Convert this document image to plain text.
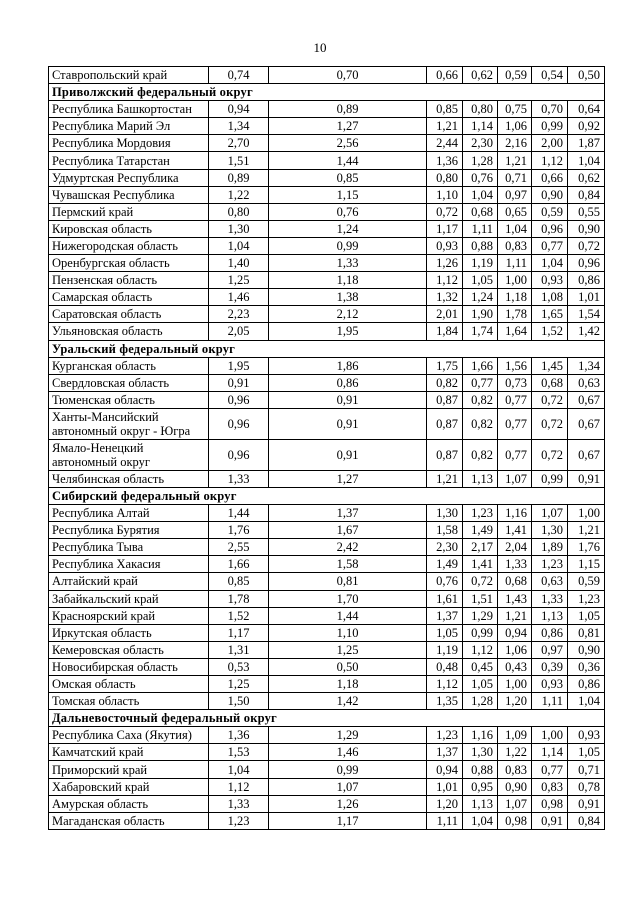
10
Ставропольский край	0,74	0,70	0,66	0,62	0,59	0,54	0,50
Приволжский федеральный округ							
Республика Башкортостан	0,94	0,89	0,85	0,80	0,75	0,70	0,64
Республика Марий Эл	1,34	1,27	1,21	1,14	1,06	0,99	0,92
Республика Мордовия	2,70	2,56	2,44	2,30	2,16	2,00	1,87
Республика Татарстан	1,51	1,44	1,36	1,28	1,21	1,12	1,04
Удмуртская Республика	0,89	0,85	0,80	0,76	0,71	0,66	0,62
Чувашская Республика	1,22	1,15	1,10	1,04	0,97	0,90	0,84
Пермский край	0,80	0,76	0,72	0,68	0,65	0,59	0,55
Кировская область	1,30	1,24	1,17	1,11	1,04	0,96	0,90
Нижегородская область	1,04	0,99	0,93	0,88	0,83	0,77	0,72
Оренбургская область	1,40	1,33	1,26	1,19	1,11	1,04	0,96
Пензенская область	1,25	1,18	1,12	1,05	1,00	0,93	0,86
Самарская область	1,46	1,38	1,32	1,24	1,18	1,08	1,01
Саратовская область	2,23	2,12	2,01	1,90	1,78	1,65	1,54
Ульяновская область	2,05	1,95	1,84	1,74	1,64	1,52	1,42
Уральский федеральный округ							
Курганская область	1,95	1,86	1,75	1,66	1,56	1,45	1,34
Свердловская область	0,91	0,86	0,82	0,77	0,73	0,68	0,63
Тюменская область	0,96	0,91	0,87	0,82	0,77	0,72	0,67
Ханты-Мансийский автономный округ - Югра	0,96	0,91	0,87	0,82	0,77	0,72	0,67
Ямало-Ненецкий автономный округ	0,96	0,91	0,87	0,82	0,77	0,72	0,67
Челябинская область	1,33	1,27	1,21	1,13	1,07	0,99	0,91
Сибирский федеральный округ							
Республика Алтай	1,44	1,37	1,30	1,23	1,16	1,07	1,00
Республика Бурятия	1,76	1,67	1,58	1,49	1,41	1,30	1,21
Республика Тыва	2,55	2,42	2,30	2,17	2,04	1,89	1,76
Республика Хакасия	1,66	1,58	1,49	1,41	1,33	1,23	1,15
Алтайский край	0,85	0,81	0,76	0,72	0,68	0,63	0,59
Забайкальский край	1,78	1,70	1,61	1,51	1,43	1,33	1,23
Красноярский край	1,52	1,44	1,37	1,29	1,21	1,13	1,05
Иркутская область	1,17	1,10	1,05	0,99	0,94	0,86	0,81
Кемеровская область	1,31	1,25	1,19	1,12	1,06	0,97	0,90
Новосибирская область	0,53	0,50	0,48	0,45	0,43	0,39	0,36
Омская область	1,25	1,18	1,12	1,05	1,00	0,93	0,86
Томская область	1,50	1,42	1,35	1,28	1,20	1,11	1,04
Дальневосточный федеральный округ							
Республика Саха (Якутия)	1,36	1,29	1,23	1,16	1,09	1,00	0,93
Камчатский край	1,53	1,46	1,37	1,30	1,22	1,14	1,05
Приморский край	1,04	0,99	0,94	0,88	0,83	0,77	0,71
Хабаровский край	1,12	1,07	1,01	0,95	0,90	0,83	0,78
Амурская область	1,33	1,26	1,20	1,13	1,07	0,98	0,91
Магаданская область	1,23	1,17	1,11	1,04	0,98	0,91	0,84
